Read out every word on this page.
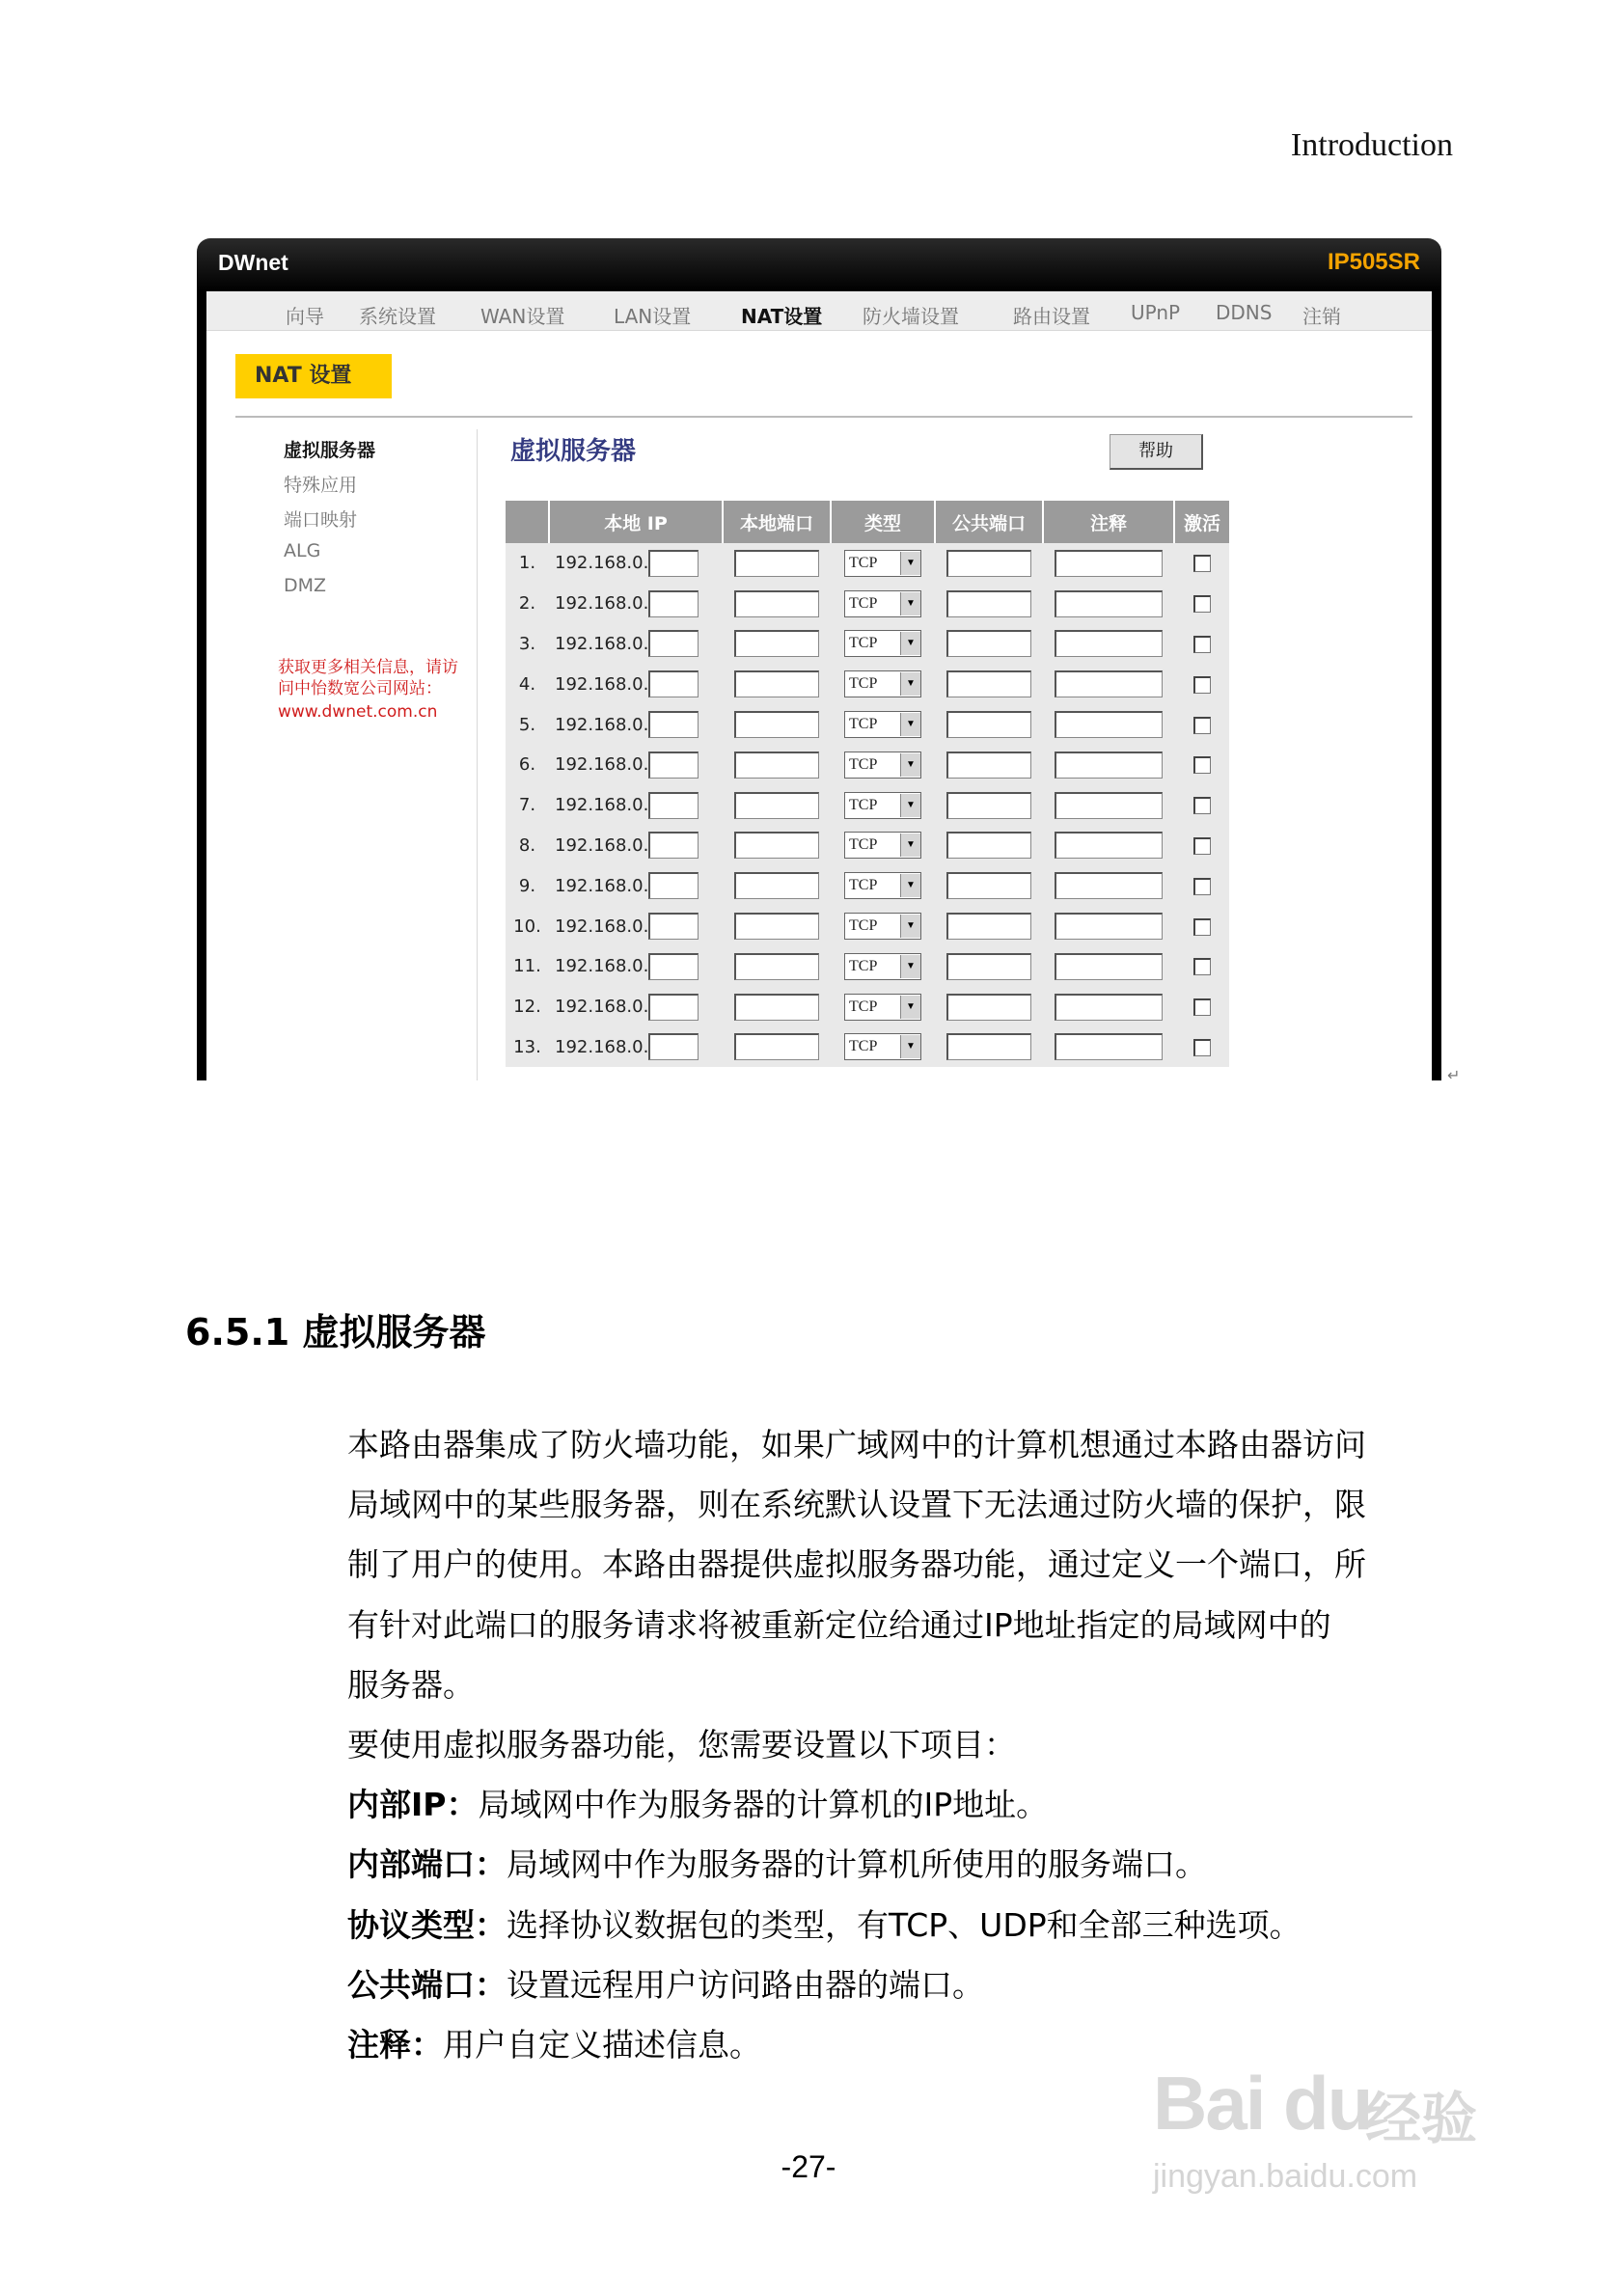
Introduction
DWnet	IP505SR
向导 系统设置 WAN设置	LAN设置	NAT设置 防火墙设置	路由设置 UPnP DDNS 注销
NAT 设置
虚拟服务器
特殊应用
端口映射
ALG
DMZ
获取更多相关信息，请访问中怡数宽公司网站：
www.dwnet.com.cn
虚拟服务器	帮助
	本地 IP	本地端口	类型	公共端口	注释	激活
1.	192.168.0.		TCP ▼			

2.	192.168.0.		TCP ▼			

3.	192.168.0.		TCP ▼			

4.	192.168.0.		TCP ▼			

5.	192.168.0.		TCP ▼			

6.	192.168.0.		TCP ▼			

7.	192.168.0.		TCP ▼			

8.	192.168.0.		TCP ▼			

9.	192.168.0.		TCP ▼			

10.	192.168.0.		TCP ▼			

11.	192.168.0.		TCP ▼			

12.	192.168.0.		TCP ▼			

13.	192.168.0.		TCP ▼			

↵
6.5.1 虚拟服务器
本路由器集成了防火墙功能，如果广域网中的计算机想通过本路由器访问
局域网中的某些服务器，则在系统默认设置下无法通过防火墙的保护，限
制了用户的使用。本路由器提供虚拟服务器功能，通过定义一个端口，所
有针对此端口的服务请求将被重新定位给通过IP地址指定的局域网中的
服务器。
要使用虚拟服务器功能，您需要设置以下项目：
内部IP：局域网中作为服务器的计算机的IP地址。
内部端口：局域网中作为服务器的计算机所使用的服务端口。
协议类型：选择协议数据包的类型，有TCP、UDP和全部三种选项。
公共端口：设置远程用户访问路由器的端口。
注释：用户自定义描述信息。
-27-
Bai du
经验
jingyan.baidu.com
